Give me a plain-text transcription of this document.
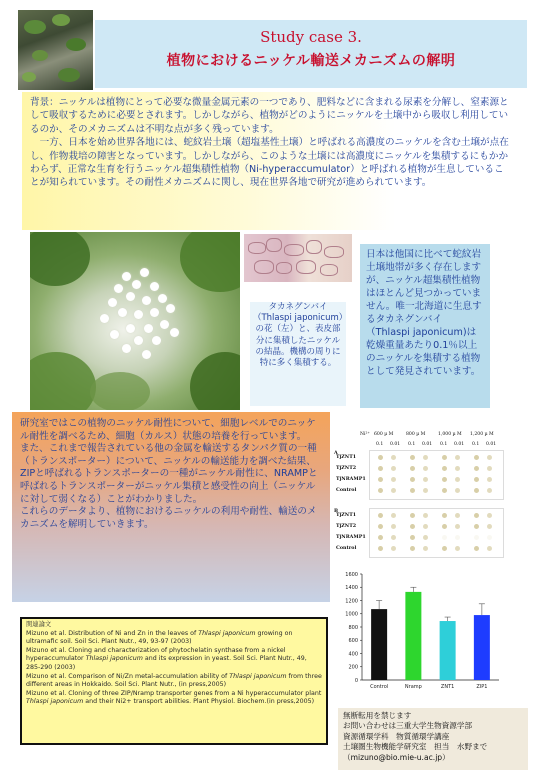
Study case 3.
植物におけるニッケル輸送メカニズムの解明

背景：ニッケルは植物にとって必要な微量金属元素の一つであり、肥料などに含まれる尿素を分解し、窒素源として吸収するために必要とされます。しかしながら、植物がどのようにニッケルを土壌中から吸収し利用しているのか、そのメカニズムは不明な点が多く残っています。

　一方、日本を始め世界各地には、蛇紋岩土壌（超塩基性土壌）と呼ばれる高濃度のニッケルを含む土壌が点在し、作物栽培の障害となっています。しかしながら、このような土壌には高濃度にニッケルを集積するにもかかわらず、正常な生育を行うニッケル超集積性植物（Ni-hyperaccumulator）と呼ばれる植物が生息していることが知られています。その耐性メカニズムに関し、現在世界各地で研究が進められています。

タカネグンバイ（Thlaspi japonicum）の花（左）と、表皮部分に集積したニッケルの結晶。機構の周りに特に多く集積する。
日本は他国に比べて蛇紋岩土壌地帯が多く存在しますが、ニッケル超集積性植物はほとんど見つかっていません。唯一北海道に生息するタカネグンバイ（Thlaspi japonicum)は乾燥重量あたり0.1％以上のニッケルを集積する植物として発見されています。

研究室ではこの植物のニッケル耐性について、細胞レベルでのニッケル耐性を調べるため、細胞（カルス）状態の培養を行っています。

また、これまで報告されている他の金属を輸送するタンパク質の一種（トランスポーター）について、ニッケルの輸送能力を調べた結果、ZIPと呼ばれるトランスポーターの一種がニッケル耐性に、NRAMPと呼ばれるトランスポーターがニッケル集積と感受性の向上（ニッケルに対して弱くなる）ことがわかりました。

これらのデータより、植物におけるニッケルの利用や耐性、輸送のメカニズムを解明していきます。

Ni²⁺ 600 µ M	800 µ M	1,000 µ M 1,200 µ M
0.1 0.01 0.1 0.01 0.1 0.01 0.1 0.01
A
TjZNT1
TjZNT2
TjNRAMP1
Control
B
TjZNT1
TjZNT2
TjNRAMP1
Control
0
200
400
600
800
1000
1200
1400
1600
Control	Nramp	ZNT1	ZIP1

関連論文

Mizuno et al. Distribution of Ni and Zn in the leaves of Thlaspi japonicum growing on ultramafic soil. Soil Sci. Plant Nutr., 49, 93-97 (2003)

Mizuno et al. Cloning and characterization of phytochelatin synthase from a nickel hyperaccumulator Thlaspi japonicum and its expression in yeast. Soil Sci. Plant Nutr., 49, 285-290 (2003)

Mizuno et al. Comparison of Ni/Zn metal-accumulation ability of Thlaspi japonicum from three different areas in Hokkaido. Soil Sci. Plant Nutr., (in press,2005)

Mizuno et al. Cloning of three ZIP/Nramp transporter genes from a Ni hyperaccumulator plant Thlaspi japonicum and their Ni2+ transport abilities. Plant Physiol. Biochem.(in press,2005)

無断転用を禁じます

お問い合わせは三重大学生物資源学部

資源循環学科　物質循環学講座

土壌圏生物機能学研究室　担当　水野まで

（mizuno@bio.mie-u.ac.jp）
